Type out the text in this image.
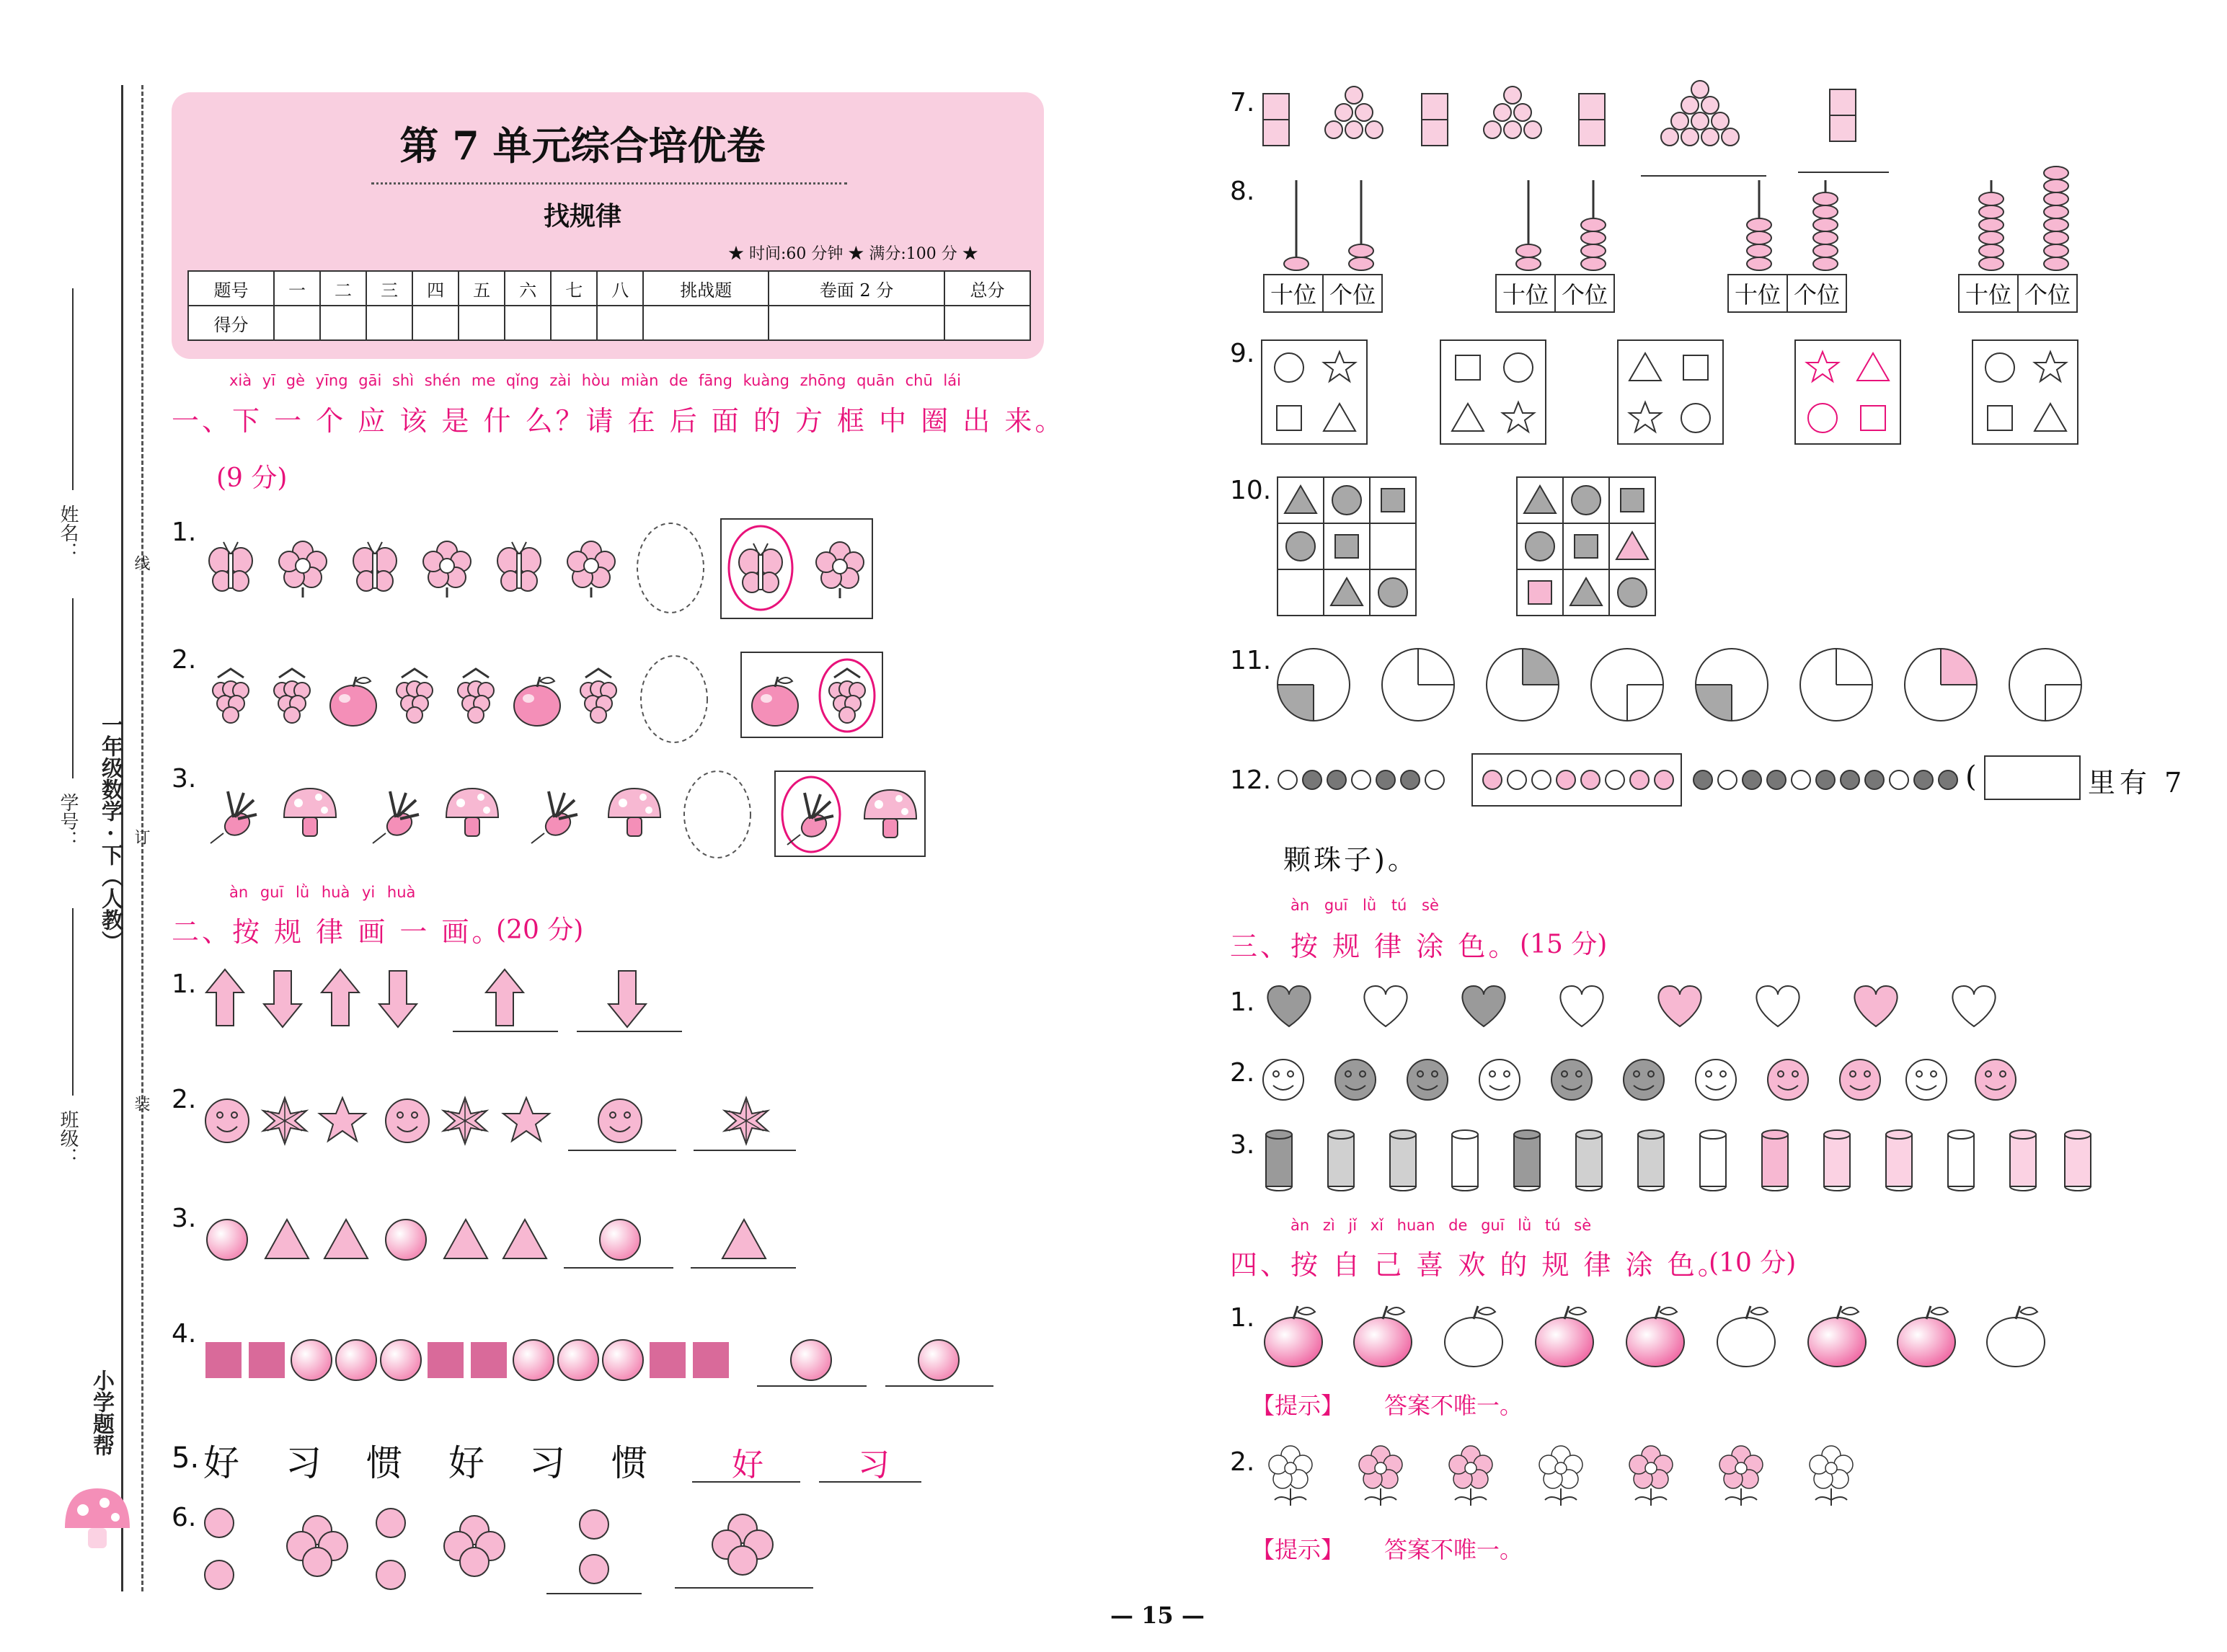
姓名：
线
学号： 一年级数学 · 下（人教） 订
班级：
装
小学题帮
第 7 单元综合培优卷
找规律
★ 时间:60 分钟 ★ 满分:100 分 ★
题号	一	二	三	四	五	六	七	八	挑战题	卷面 2 分	总分
得分											
xià yī gè yīng gāi shì shén me qǐng zài hòu miàn de fāng kuàng zhōng quān chū lái
一、下 一 个 应 该 是 什 么？请 在 后 面 的 方 框 中 圈 出 来。
(9 分)
1.
2.
3.
àn guī lǜ huà yi huà
二、按 规 律 画 一 画。
(20 分)
1.
2.
3.
4.
5. 好 习 惯 好 习 惯	好	习
6.
7.
8.
十位 个位	十位 个位	十位 个位	十位 个位
9.
10.
11.
12.	(	里有 7
颗珠子)。
àn guī lǜ tú sè
三、按 规 律 涂 色。 (15 分)
1.
2.
3.
àn zì jǐ xǐ huan de guī lǜ tú sè
四、按 自 己 喜 欢 的 规 律 涂 色。
(10 分)
1.
【提示】 答案不唯一。
2.
【提示】 答案不唯一。
— 15 —
